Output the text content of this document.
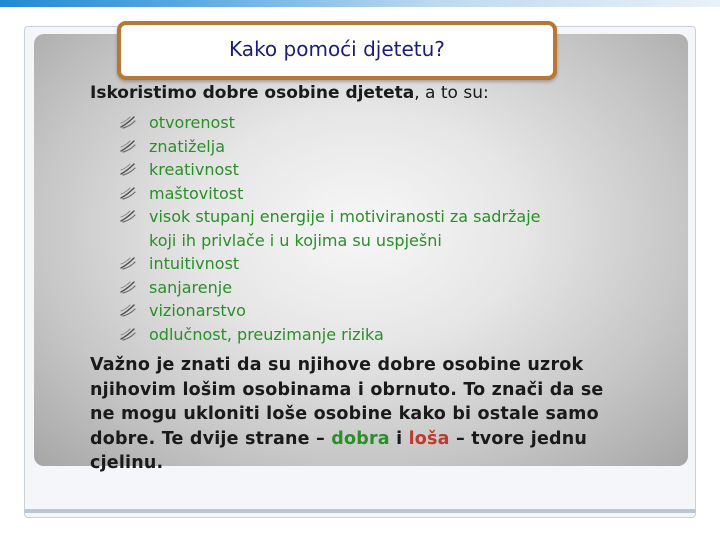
Kako pomoći djetetu?
Iskoristimo dobre osobine djeteta, a to su:
otvorenost
znatiželja
kreativnost
maštovitost
visok stupanj energije i motiviranosti za sadržaje
koji ih privlače i u kojima su uspješni
intuitivnost
sanjarenje
vizionarstvo
odlučnost, preuzimanje rizika
Važno je znati da su njihove dobre osobine uzrok
njihovim lošim osobinama i obrnuto. To znači da se
ne mogu ukloniti loše osobine kako bi ostale samo
dobre. Te dvije strane – dobra i loša – tvore jednu
cjelinu.
